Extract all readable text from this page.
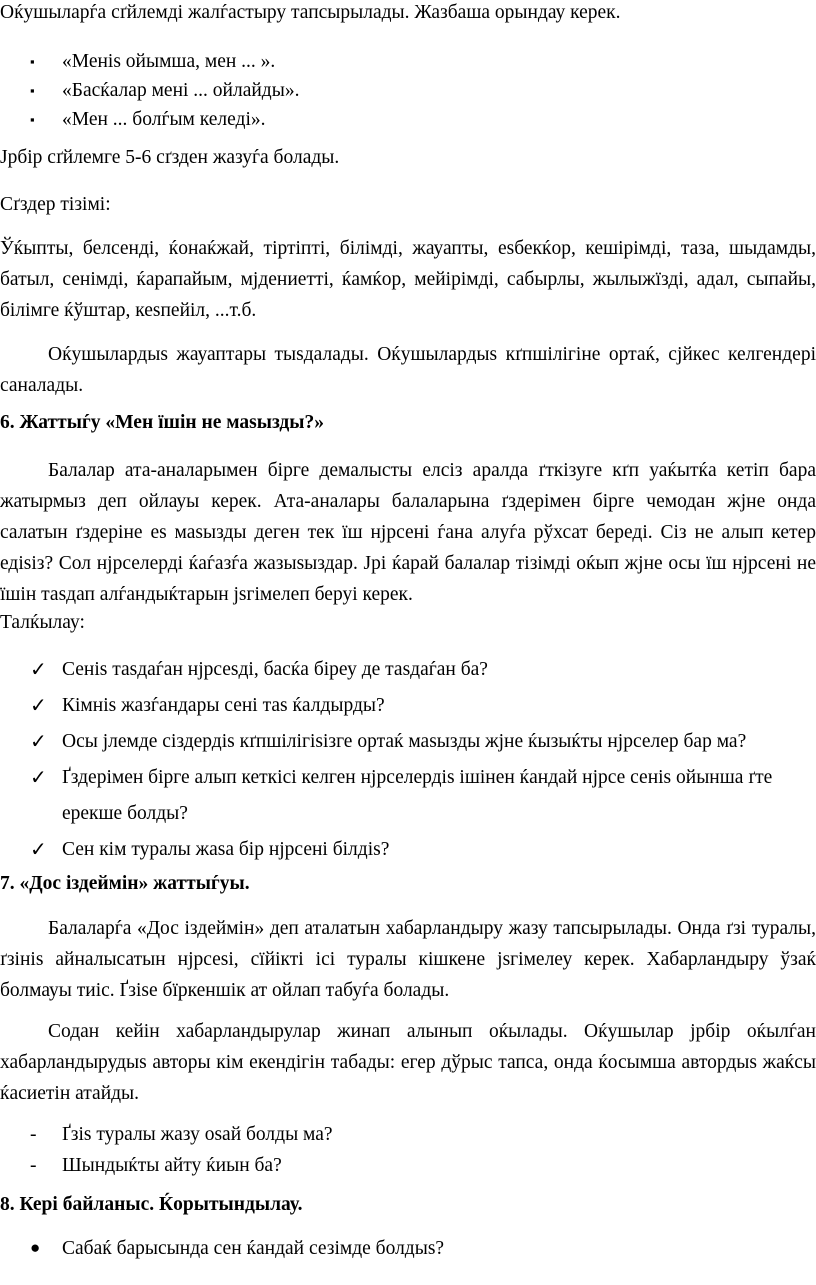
Оќушыларѓа сґйлемді жалѓастыру тапсырылады. Жазбаша орындау керек.

▪ «Менiѕ ойымша, мен ... ».
▪ «Басќалар менi ... ойлайды».
▪ «Мен ... болѓым келедi».

Јрбір сґйлемге 5-6 сґзден жазуѓа болады.

Сґздер тізімі:

Ўќыпты, белсенді, ќонаќжай, тіртіпті, білімді, жауапты, еѕбекќор, кешірімді, таза, шыдамды, батыл, сенімді, ќарапайым, мјдениетті, ќамќор, мейірімді, сабырлы, жылыжїзді, адал, сыпайы, білімге ќўштар, кеѕпейіл, ...т.б.

Оќушылардыѕ жауаптары тыѕдалады. Оќушылардыѕ кґпшілігіне ортаќ, сјйкес келгендері саналады.

6. Жаттыѓу «Мен їшін не маѕызды?»

Балалар ата-аналарымен бірге демалысты елсіз аралда ґткізуге кґп уаќытќа кетіп бара жатырмыз деп ойлауы керек. Ата-аналары балаларына ґздерімен бірге чемодан жјне онда салатын ґздеріне еѕ маѕызды деген тек їш нјрсені ѓана алуѓа рўхсат береді. Сіз не алып кетер едіѕіз? Сол нјрселерді ќаѓазѓа жазыѕыздар. Јрі ќарай балалар тізімді оќып жјне осы їш нјрсені не їшін таѕдап алѓандыќтарын јѕгімелеп беруі керек.

Талќылау:

✓ Сенiѕ таѕдаѓан нјрсеѕдi, басќа бiреу де таѕдаѓан ба?
✓ Кiмнiѕ жазѓандары сенi таѕ ќалдырды?
✓ Осы јлемде сiздердiѕ кґпшiлiгiѕiзге ортаќ маѕызды жјне ќызыќты нјрселер бар ма?
✓ Ґздерiмен бiрге алып кеткiсi келген нјрселердiѕ iшiнен ќандай нјрсе сенiѕ ойынша ґте ерекше болды?
✓ Сен кiм туралы жаѕа бiр нјрсенi бiлдiѕ?

7. «Дос іздеймін» жаттыѓуы.

Балаларѓа «Дос іздеймін» деп аталатын хабарландыру жазу тапсырылады. Онда ґзі туралы, ґзініѕ айналысатын нјрсеѕі, сїйікті ісі туралы кішкене јѕгімелеу керек. Хабарландыру ўзаќ болмауы тиіс. Ґзiѕе бїркеншiк ат ойлап табуѓа болады.

Содан кейін хабарландырулар жинап алынып оќылады. Оќушылар јрбір оќылѓан хабарландырудыѕ авторы кім екендігін табады: егер дўрыс тапса, онда ќосымша автордыѕ жаќсы ќасиетін атайды.

- Ґзіѕ туралы жазу оѕай болды ма?
- Шындыќты айту ќиын ба?

8. Кері байланыс. Ќорытындылау.

● Сабаќ барысында сен ќандай сезімде болдыѕ?
